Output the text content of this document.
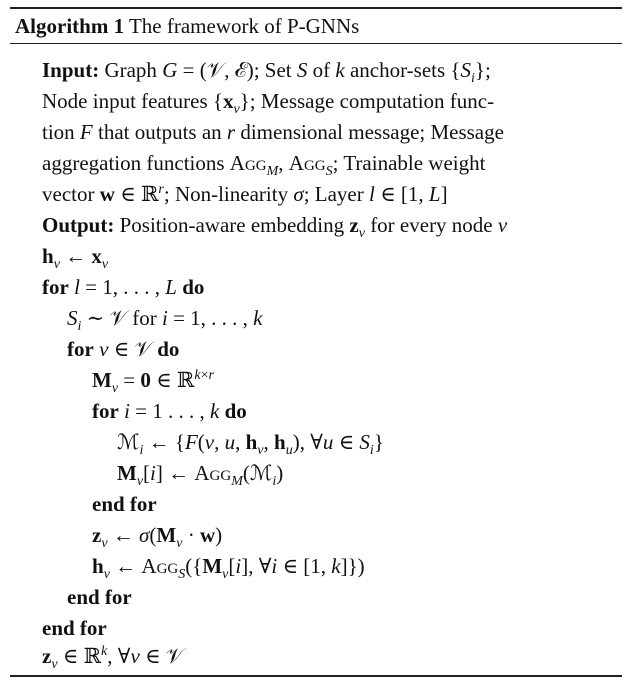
Algorithm 1 The framework of P-GNNs
Input: Graph G = (𝒱, ℰ); Set S of k anchor-sets $\{S_i\}$;
Node input features $\{x_v\}$; Message computation func-
tion F that outputs an r dimensional message; Message
aggregation functions Agg$_M$, Agg$_S$; Trainable weight
vector w ∈ ℝ$^r$; Non-linearity σ; Layer l ∈ [1, L]
Output: Position-aware embedding $z_v$ for every node v
$h_v$ ← $x_v$
for l = 1, . . . , L do
$S_i$ ∼ 𝒱 for i = 1, . . . , k
for v ∈ 𝒱 do
$M_v = 0$ ∈ ℝ$^{k\times r}$
for i = 1 . . . , k do
ℳ$_i$ ← {F(v, u, $h_v$, $h_u$), ∀u ∈ $S_i$}
$M_v[i]$ ← Agg$_M$(ℳ$_i$)
end for
$z_v$ ← $\sigma(M_v \cdot w)$
$h_v$ ← $Agg_S(\{M_v[i]$, ∀i ∈ [1, k]})
end for
end for
$z_v$ ∈ ℝ$^k$, ∀v ∈ 𝒱
